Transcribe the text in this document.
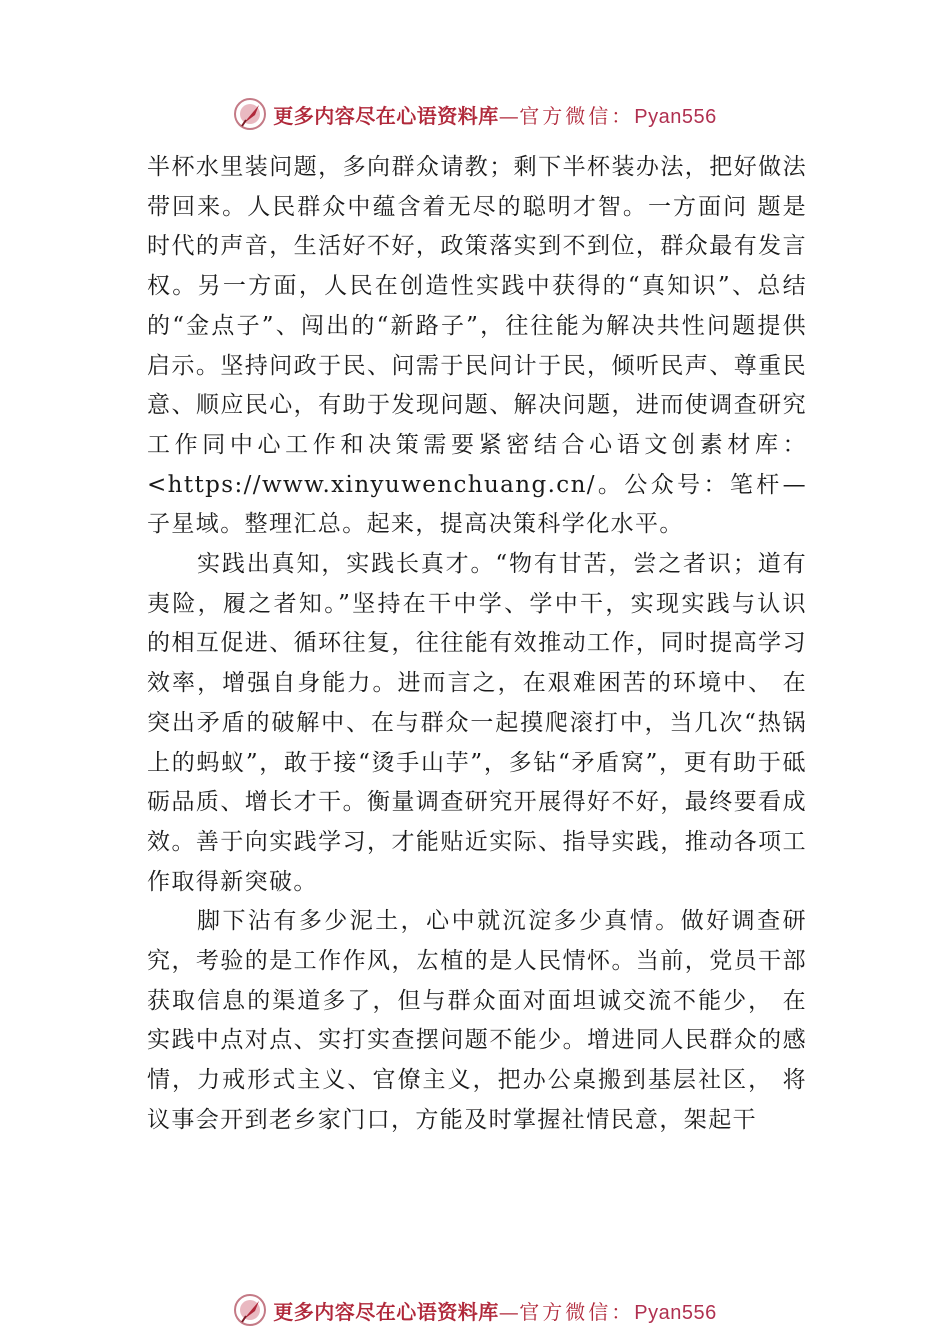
更多内容尽在心语资料库—官方微信：Pyan556

半杯水里装问题，多向群众请教；剩下半杯装办法，把好做法带回来。人民群众中蕴含着无尽的聪明才智。一方面问 题是时代的声音，生活好不好，政策落实到不到位，群众最有发言权。另一方面，人民在创造性实践中获得的“真知识”、总结的“金点子”、闯出的“新路子”，往往能为解决共性问题提供启示。坚持问政于民、问需于民问计于民，倾听民声、尊重民意、顺应民心，有助于发现问题、解决问题，进而使调查研究工作同中心工作和决策需要紧密结合心语文创素材库：<https://www.xinyuwenchuang.cn/。公众号：笔杆—子星域。整理汇总。起来，提高决策科学化水平。

实践出真知，实践长真才。“物有甘苦，尝之者识；道有夷险，履之者知。”坚持在干中学、学中干，实现实践与认识的相互促进、循环往复，往往能有效推动工作，同时提高学习效率，增强自身能力。进而言之，在艰难困苦的环境中、 在突出矛盾的破解中、在与群众一起摸爬滚打中，当几次“热锅上的蚂蚁”，敢于接“烫手山芋”，多钻“矛盾窝”，更有助于砥砺品质、增长才干。衡量调查研究开展得好不好，最终要看成效。善于向实践学习，才能贴近实际、指导实践，推动各项工作取得新突破。

脚下沾有多少泥土，心中就沉淀多少真情。做好调查研究，考验的是工作作风，厷植的是人民情怀。当前，党员干部获取信息的渠道多了，但与群众面对面坦诚交流不能少， 在实践中点对点、实打实查摆问题不能少。增进同人民群众的感情，力戒形式主义、官僚主义，把办公桌搬到基层社区， 将议事会开到老乡家门口，方能及时掌握社情民意，架起干

更多内容尽在心语资料库—官方微信：Pyan556
